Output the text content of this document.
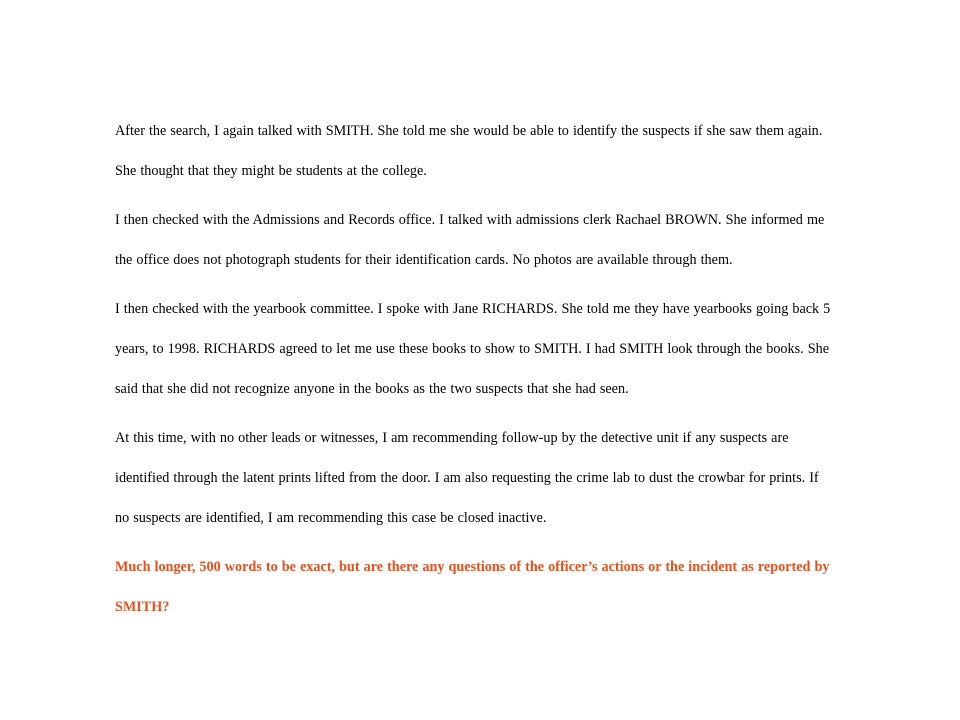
After the search, I again talked with SMITH. She told me she would be able to identify the suspects if she saw them again. She thought that they might be students at the college.

I then checked with the Admissions and Records office. I talked with admissions clerk Rachael BROWN. She informed me the office does not photograph students for their identification cards. No photos are available through them.

I then checked with the yearbook committee. I spoke with Jane RICHARDS. She told me they have yearbooks going back 5 years, to 1998. RICHARDS agreed to let me use these books to show to SMITH. I had SMITH look through the books. She said that she did not recognize anyone in the books as the two suspects that she had seen.

At this time, with no other leads or witnesses, I am recommending follow-up by the detective unit if any suspects are identified through the latent prints lifted from the door. I am also requesting the crime lab to dust the crowbar for prints. If no suspects are identified, I am recommending this case be closed inactive.

Much longer, 500 words to be exact, but are there any questions of the officer’s actions or the incident as reported by SMITH?
